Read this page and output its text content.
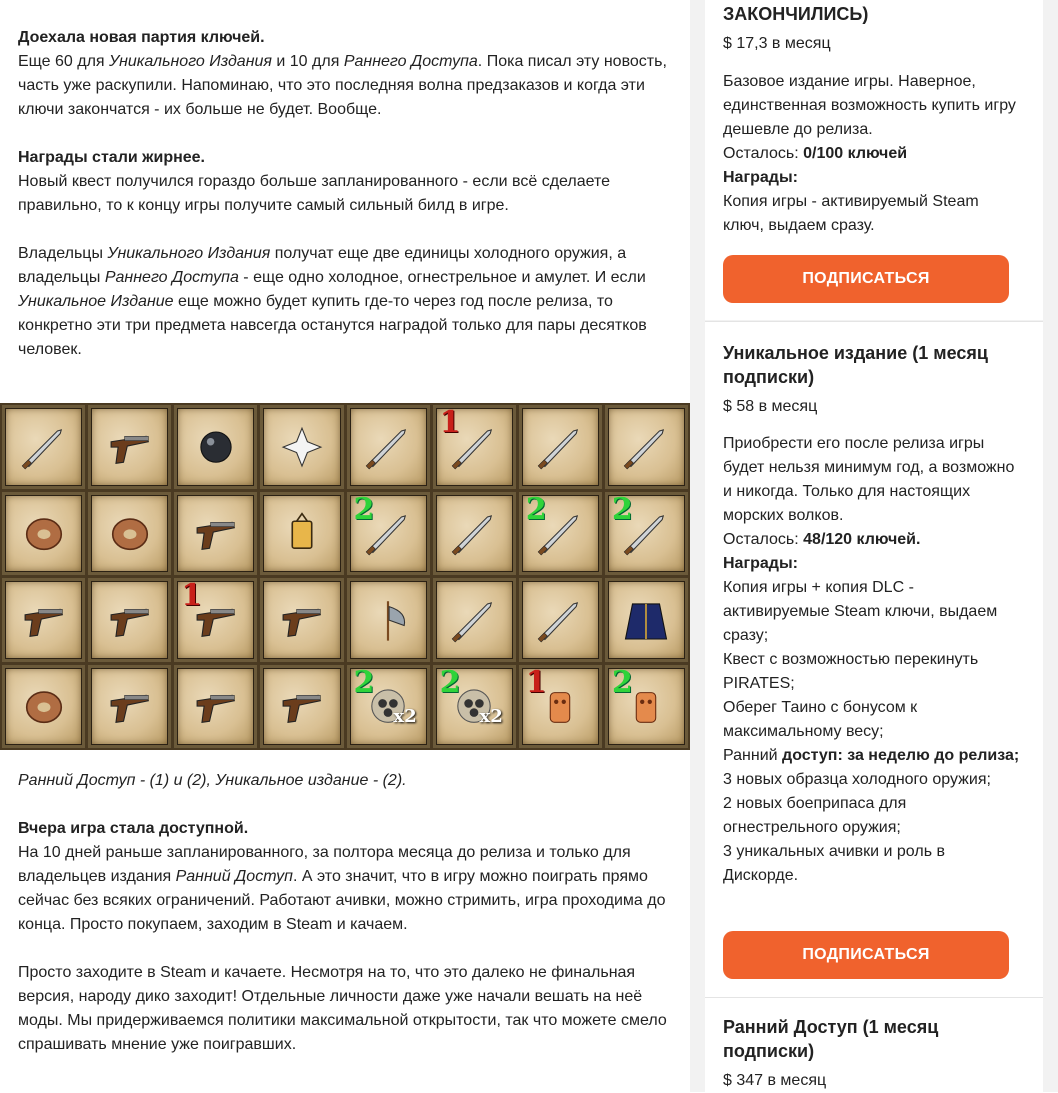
Доехала новая партия ключей.
Еще 60 для Уникального Издания и 10 для Раннего Доступа. Пока писал эту новость, часть уже раскупили. Напоминаю, что это последняя волна предзаказов и когда эти ключи закончатся - их больше не будет. Вообще.

Награды стали жирнее.
Новый квест получился гораздо больше запланированного - если всё сделаете правильно, то к концу игры получите самый сильный билд в игре.

Владельцы Уникального Издания получат еще две единицы холодного оружия, а владельцы Раннего Доступа - еще одно холодное, огнестрельное и амулет. И если Уникальное Издание еще можно будет купить где-то через год после релиза, то конкретно эти три предмета навсегда останутся наградой только для пары десятков человек.

1
2	2 2
1
2
x2
2
x2
1 2

Ранний Доступ - (1) и (2), Уникальное издание - (2).

Вчера игра стала доступной.
На 10 дней раньше запланированного, за полтора месяца до релиза и только для владельцев издания Ранний Доступ. А это значит, что в игру можно поиграть прямо сейчас без всяких ограничений. Работают ачивки, можно стримить, игра проходима до конца. Просто покупаем, заходим в Steam и качаем.

Просто заходите в Steam и качаете. Несмотря на то, что это далеко не финальная версия, народу дико заходит! Отдельные личности даже уже начали вешать на неё моды. Мы придерживаемся политики максимальной открытости, так что можете смело спрашивать мнение уже поигравших.

ЗАКОНЧИЛИСЬ)

$ 17,3 в месяц

Базовое издание игры. Наверное, единственная возможность купить игру дешевле до релиза.

Осталось: 0/100 ключей

Награды:

Копия игры - активируемый Steam ключ, выдаем сразу.

ПОДПИСАТЬСЯ

Уникальное издание (1 месяц подписки)

$ 58 в месяц

Приобрести его после релиза игры будет нельзя минимум год, а возможно и никогда. Только для настоящих морских волков.

Осталось: 48/120 ключей.

Награды:

Копия игры + копия DLC - активируемые Steam ключи, выдаем сразу;

Квест с возможностью перекинуть PIRATES;

Оберег Таино с бонусом к максимальному весу;

Ранний доступ: за неделю до релиза;

3 новых образца холодного оружия;

2 новых боеприпаса для огнестрельного оружия;

3 уникальных ачивки и роль в Дискорде.

ПОДПИСАТЬСЯ

Ранний Доступ (1 месяц подписки)

$ 347 в месяц
